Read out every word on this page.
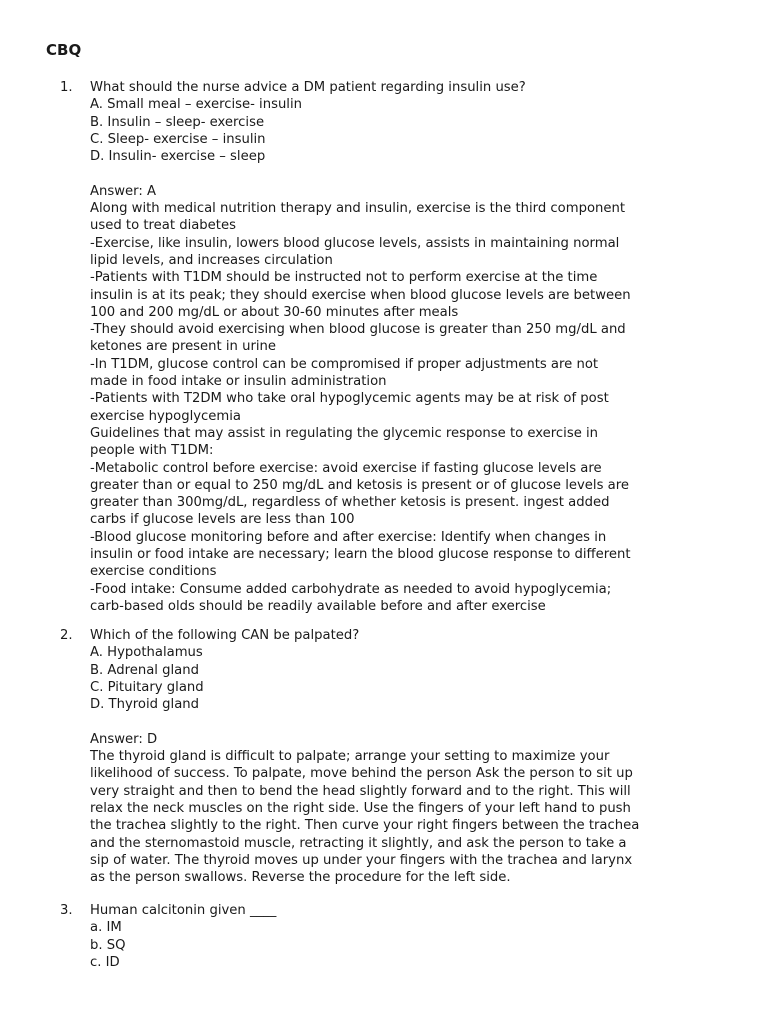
CBQ
1. What should the nurse advice a DM patient regarding insulin use?
A. Small meal – exercise- insulin
B. Insulin – sleep- exercise
C. Sleep- exercise – insulin
D. Insulin- exercise – sleep
Answer: A
Along with medical nutrition therapy and insulin, exercise is the third component
used to treat diabetes
-Exercise, like insulin, lowers blood glucose levels, assists in maintaining normal
lipid levels, and increases circulation
-Patients with T1DM should be instructed not to perform exercise at the time
insulin is at its peak; they should exercise when blood glucose levels are between
100 and 200 mg/dL or about 30-60 minutes after meals
-They should avoid exercising when blood glucose is greater than 250 mg/dL and
ketones are present in urine
-In T1DM, glucose control can be compromised if proper adjustments are not
made in food intake or insulin administration
-Patients with T2DM who take oral hypoglycemic agents may be at risk of post
exercise hypoglycemia
Guidelines that may assist in regulating the glycemic response to exercise in
people with T1DM:
-Metabolic control before exercise: avoid exercise if fasting glucose levels are
greater than or equal to 250 mg/dL and ketosis is present or of glucose levels are
greater than 300mg/dL, regardless of whether ketosis is present. ingest added
carbs if glucose levels are less than 100
-Blood glucose monitoring before and after exercise: Identify when changes in
insulin or food intake are necessary; learn the blood glucose response to different
exercise conditions
-Food intake: Consume added carbohydrate as needed to avoid hypoglycemia;
carb-based olds should be readily available before and after exercise
2. Which of the following CAN be palpated?
A. Hypothalamus
B. Adrenal gland
C. Pituitary gland
D. Thyroid gland
Answer: D
The thyroid gland is difficult to palpate; arrange your setting to maximize your
likelihood of success. To palpate, move behind the person Ask the person to sit up
very straight and then to bend the head slightly forward and to the right. This will
relax the neck muscles on the right side. Use the fingers of your left hand to push
the trachea slightly to the right. Then curve your right fingers between the trachea
and the sternomastoid muscle, retracting it slightly, and ask the person to take a
sip of water. The thyroid moves up under your fingers with the trachea and larynx
as the person swallows. Reverse the procedure for the left side.
3. Human calcitonin given ____
a. IM
b. SQ
c. ID
